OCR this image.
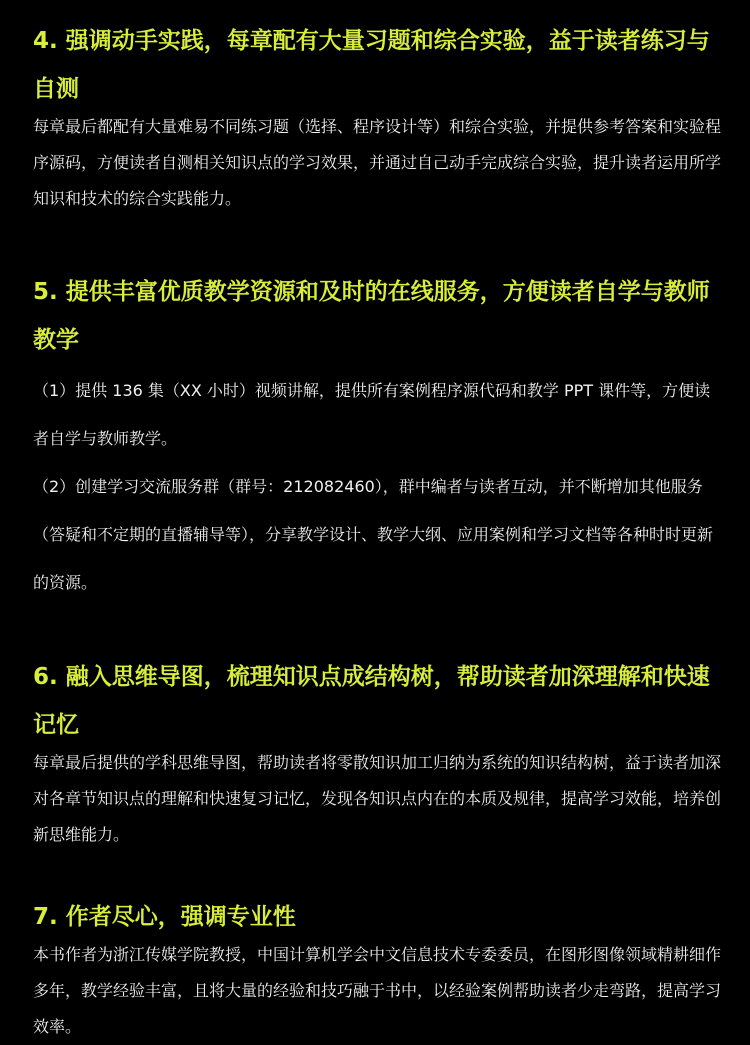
4. 强调动手实践，每章配有大量习题和综合实验，益于读者练习与自测

每章最后都配有大量难易不同练习题（选择、程序设计等）和综合实验，并提供参考答案和实验程序源码，方便读者自测相关知识点的学习效果，并通过自己动手完成综合实验，提升读者运用所学知识和技术的综合实践能力。

5. 提供丰富优质教学资源和及时的在线服务，方便读者自学与教师教学

（1）提供 136 集（XX 小时）视频讲解，提供所有案例程序源代码和教学 PPT 课件等，方便读者自学与教师教学。

（2）创建学习交流服务群（群号：212082460），群中编者与读者互动，并不断增加其他服务（答疑和不定期的直播辅导等），分享教学设计、教学大纲、应用案例和学习文档等各种时时更新的资源。

6. 融入思维导图，梳理知识点成结构树，帮助读者加深理解和快速记忆

每章最后提供的学科思维导图，帮助读者将零散知识加工归纳为系统的知识结构树，益于读者加深对各章节知识点的理解和快速复习记忆，发现各知识点内在的本质及规律，提高学习效能，培养创新思维能力。

7. 作者尽心，强调专业性

本书作者为浙江传媒学院教授，中国计算机学会中文信息技术专委委员，在图形图像领域精耕细作多年，教学经验丰富，且将大量的经验和技巧融于书中，以经验案例帮助读者少走弯路，提高学习效率。
